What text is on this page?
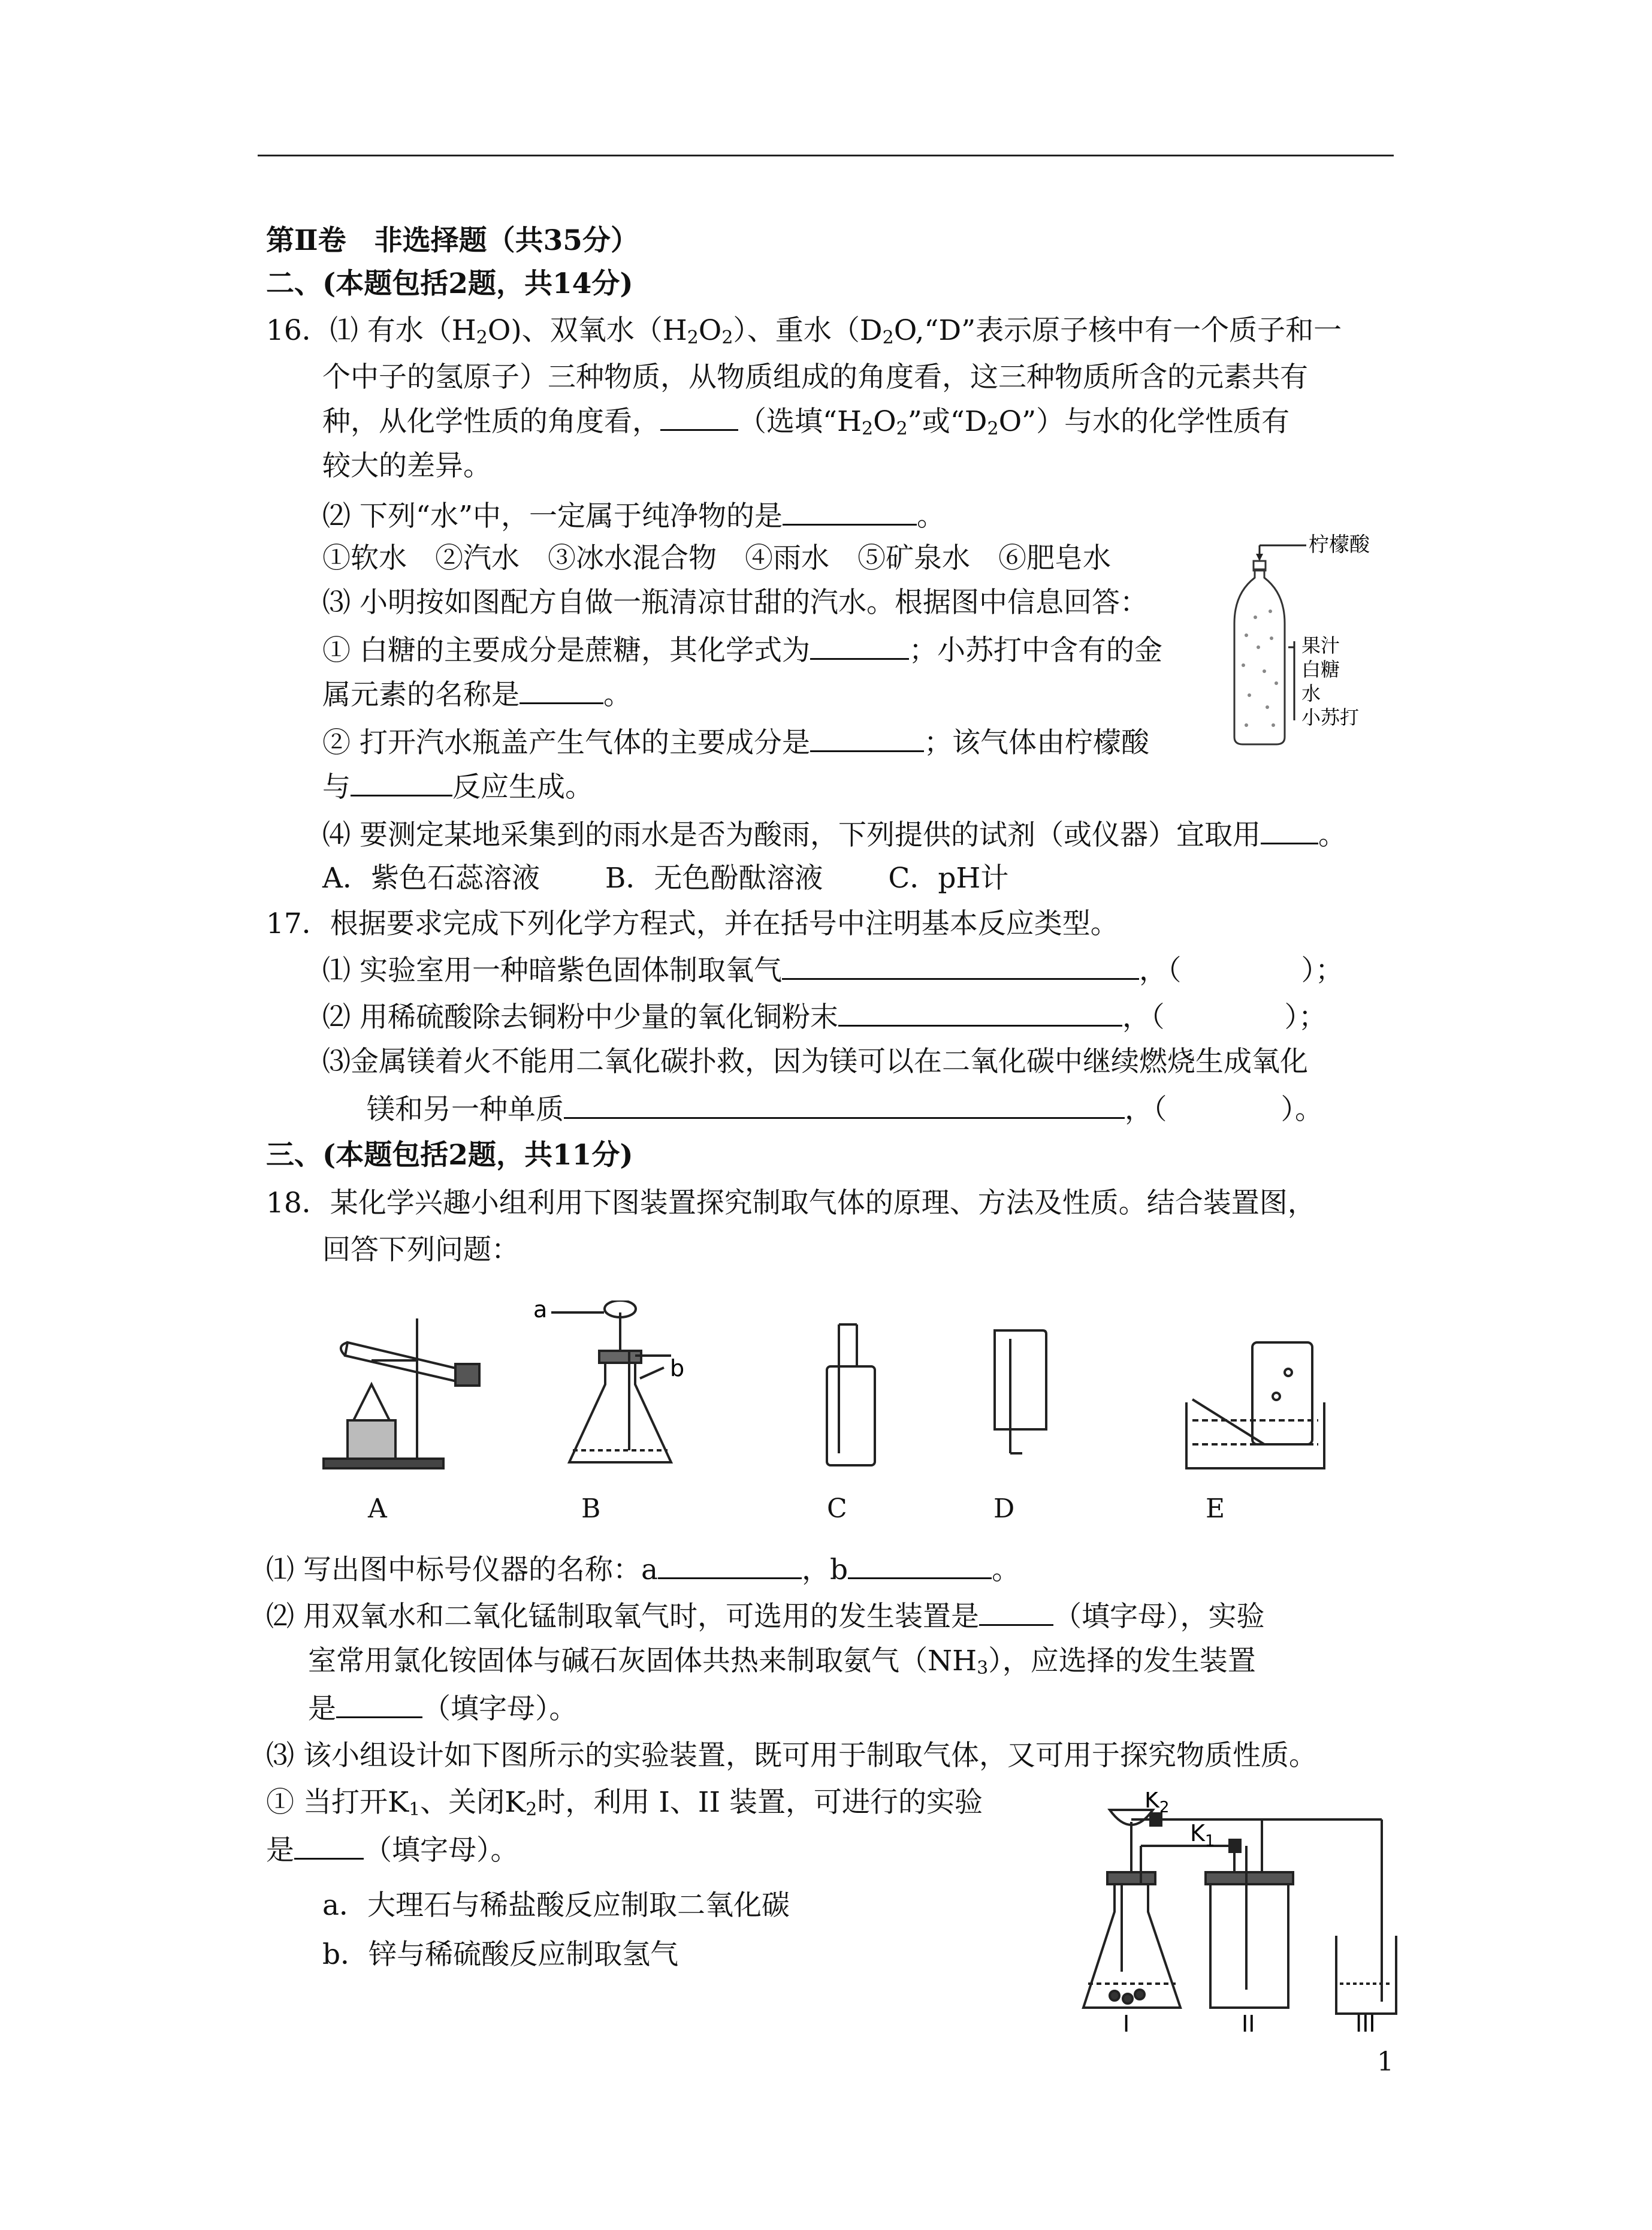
第Ⅱ卷　非选择题（共35分）
二、(本题包括2题，共14分)
16．⑴ 有水$(H_2O)$、双氧水$(H_2O_2)$、重水（$D_2O,“D$”表示原子核中有一个质子和一
个中子的氢原子）三种物质，从物质组成的角度看，这三种物质所含的元素共有
种，从化学性质的角度看，	（选填“$H_2O_2$”或“$D_2O$”）与水的化学性质有
较大的差异。
⑵ 下列“水”中，一定属于纯净物的是	。
①软水　②汽水　③冰水混合物　④雨水　⑤矿泉水　⑥肥皂水
⑶ 小明按如图配方自做一瓶清凉甘甜的汽水。根据图中信息回答：
① 白糖的主要成分是蔗糖，其化学式为	；小苏打中含有的金
属元素的名称是	。
② 打开汽水瓶盖产生气体的主要成分是	；该气体由柠檬酸
与	反应生成。
⑷ 要测定某地采集到的雨水是否为酸雨，下列提供的试剂（或仪器）宜取用 。
A．紫色石蕊溶液　　 B．无色酚酞溶液　　 C．pH计
柠檬酸
果汁
白糖
水
小苏打
17．根据要求完成下列化学方程式，并在括号中注明基本反应类型。
⑴ 实验室用一种暗紫色固体制取氧气	，（	）；
⑵ 用稀硫酸除去铜粉中少量的氧化铜粉末	，（	）；
⑶金属镁着火不能用二氧化碳扑救，因为镁可以在二氧化碳中继续燃烧生成氧化
镁和另一种单质	，（	）。
三、(本题包括2题，共11分)
18．某化学兴趣小组利用下图装置探究制取气体的原理、方法及性质。结合装置图，
回答下列问题：
a
b
A	B	C	D	E
⑴ 写出图中标号仪器的名称：a	，b	。
⑵ 用双氧水和二氧化锰制取氧气时，可选用的发生装置是	（填字母），实验
室常用氯化铵固体与碱石灰固体共热来制取氨气$(NH_3)$，应选择的发生装置
是	（填字母）。
⑶ 该小组设计如下图所示的实验装置，既可用于制取气体，又可用于探究物质性质。
① 当打开$K_1$、关闭$K_2$时，利用 I、II 装置，可进行的实验
是 （填字母）。
a．大理石与稀盐酸反应制取二氧化碳
b．锌与稀硫酸反应制取氢气
$K_2$
$K_1$
I	II	III
1
